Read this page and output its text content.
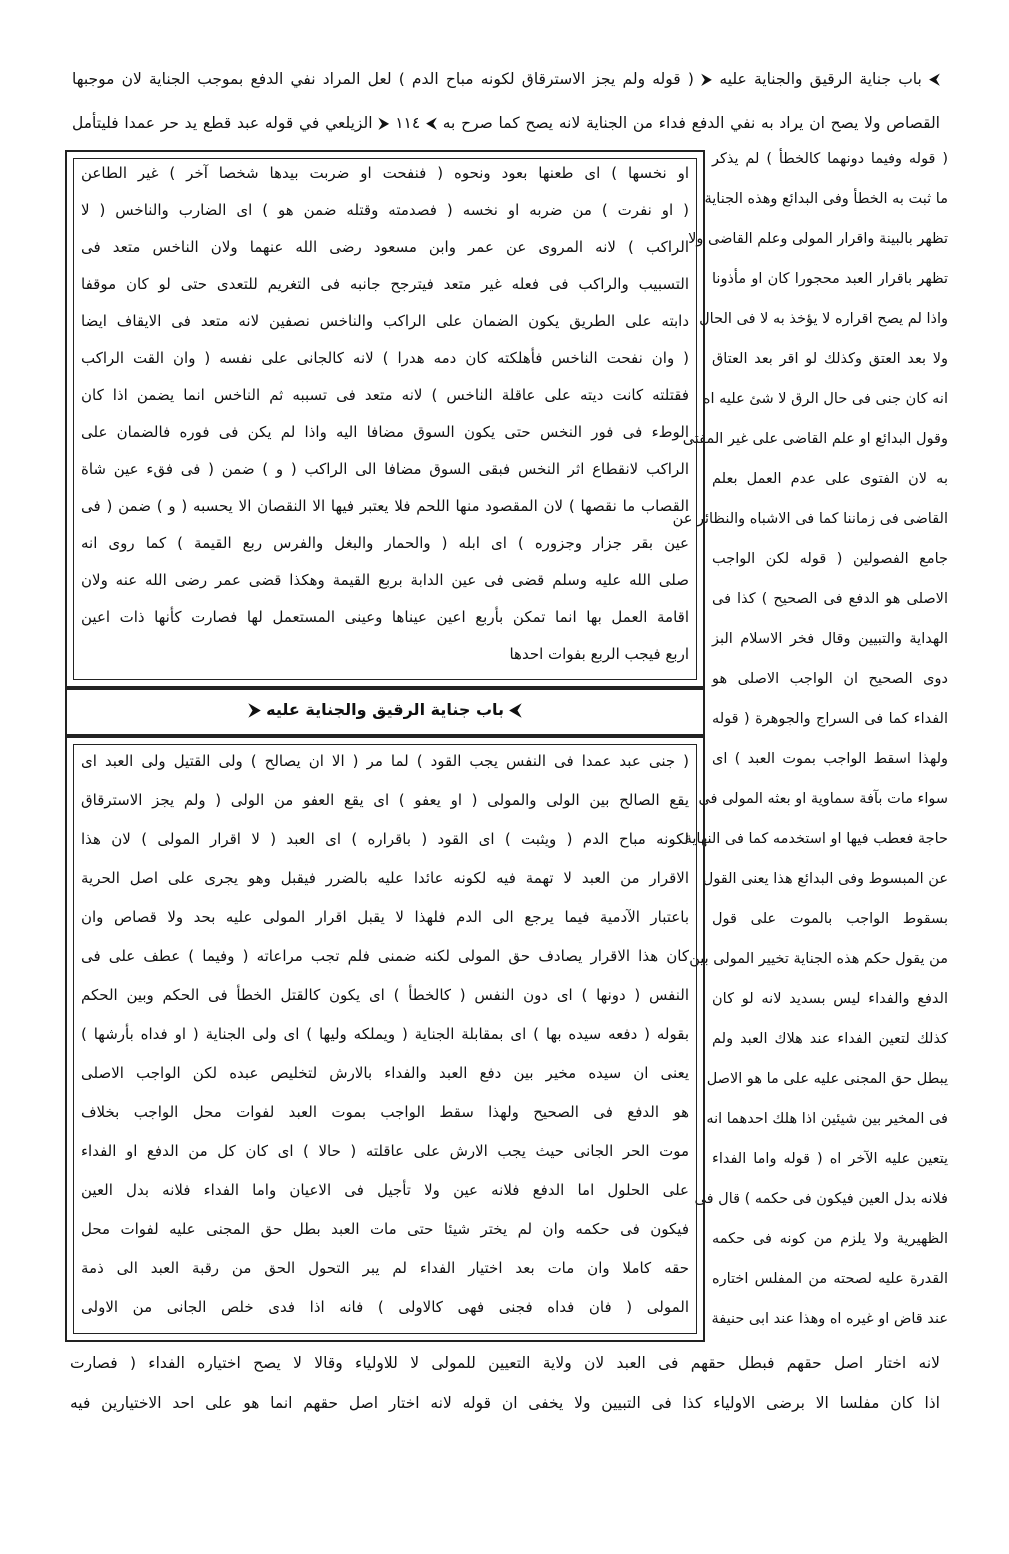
⮜ باب جناية الرقيق والجناية عليه ⮞ ( قوله ولم يجز الاسترقاق لكونه مباح الدم ) لعل المراد نفي الدفع بموجب الجناية لان موجبها
القصاص ولا يصح ان يراد به نفي الدفع فداء من الجناية لانه يصح كما صرح به ⮜ ١١٤ ⮞ الزيلعي في قوله عبد قطع يد حر عمدا فليتأمل
( قوله وفيما دونهما كالخطأ ) لم يذكر
ما ثبت به الخطأ وفى البدائع وهذه الجناية
تظهر بالبينة واقرار المولى وعلم القاضى ولا
تظهر باقرار العبد محجورا كان او مأذونا
واذا لم يصح اقراره لا يؤخذ به لا فى الحال
ولا بعد العتق وكذلك لو اقر بعد العتاق
انه كان جنى فى حال الرق لا شئ عليه اه
وقول البدائع او علم القاضى على غير المفتى
به لان الفتوى على عدم العمل بعلم
القاضى فى زماننا كما فى الاشباه والنظائر عن
جامع الفصولين ( قوله لكن الواجب
الاصلى هو الدفع فى الصحيح ) كذا فى
الهداية والتبيين وقال فخر الاسلام البز
دوى الصحيح ان الواجب الاصلى هو
الفداء كما فى السراج والجوهرة ( قوله
ولهذا اسقط الواجب بموت العبد ) اى
سواء مات بآفة سماوية او بعثه المولى فى
حاجة فعطب فيها او استخدمه كما فى النهاية
عن المبسوط وفى البدائع هذا يعنى القول
بسقوط الواجب بالموت على قول
من يقول حكم هذه الجناية تخيير المولى بين
الدفع والفداء ليس بسديد لانه لو كان
كذلك لتعين الفداء عند هلاك العبد ولم
يبطل حق المجنى عليه على ما هو الاصل
فى المخير بين شيئين اذا هلك احدهما انه
يتعين عليه الآخر اه ( قوله واما الفداء
فلانه بدل العين فيكون فى حكمه ) قال فى
الظهيرية ولا يلزم من كونه فى حكمه
القدرة عليه لصحته من المفلس اختاره
عند قاض او غيره اه وهذا عند ابى حنيفة
او نخسها ) اى طعنها بعود ونحوه ( فنفحت او ضربت بيدها شخصا آخر ) غير الطاعن
( او نفرت ) من ضربه او نخسه ( فصدمته وقتله ضمن هو ) اى الضارب والناخس ( لا
الراكب ) لانه المروى عن عمر وابن مسعود رضى الله عنهما ولان الناخس متعد فى
التسبيب والراكب فى فعله غير متعد فيترجح جانبه فى التغريم للتعدى حتى لو كان موقفا
دابته على الطريق يكون الضمان على الراكب والناخس نصفين لانه متعد فى الايقاف ايضا
( وان نفحت الناخس فأهلكته كان دمه هدرا ) لانه كالجانى على نفسه ( وان القت الراكب
فقتلته كانت ديته على عاقلة الناخس ) لانه متعد فى تسببه ثم الناخس انما يضمن اذا كان
الوطء فى فور النخس حتى يكون السوق مضافا اليه واذا لم يكن فى فوره فالضمان على
الراكب لانقطاع اثر النخس فبقى السوق مضافا الى الراكب ( و ) ضمن ( فى فقء عين شاة
القصاب ما نقصها ) لان المقصود منها اللحم فلا يعتبر فيها الا النقصان الا يحسبه ( و ) ضمن ( فى
عين بقر جزار وجزوره ) اى ابله ( والحمار والبغل والفرس ربع القيمة ) كما روى انه
صلى الله عليه وسلم قضى فى عين الدابة بربع القيمة وهكذا قضى عمر رضى الله عنه ولان
اقامة العمل بها انما تمكن بأربع اعين عيناها وعينى المستعمل لها فصارت كأنها ذات اعين
اربع فيجب الربع بفوات احدها
⮜ باب جناية الرقيق والجناية عليه ⮞
( جنى عبد عمدا فى النفس يجب القود ) لما مر ( الا ان يصالح ) ولى القتيل ولى العبد اى
يقع الصالح بين الولى والمولى ( او يعفو ) اى يقع العفو من الولى ( ولم يجز الاسترقاق
لكونه مباح الدم ( ويثبت ) اى القود ( باقراره ) اى العبد ( لا اقرار المولى ) لان هذا
الاقرار من العبد لا تهمة فيه لكونه عائدا عليه بالضرر فيقبل وهو يجرى على اصل الحرية
باعتبار الآدمية فيما يرجع الى الدم فلهذا لا يقبل اقرار المولى عليه بحد ولا قصاص وان
كان هذا الاقرار يصادف حق المولى لكنه ضمنى فلم تجب مراعاته ( وفيما ) عطف على فى
النفس ( دونها ) اى دون النفس ( كالخطأ ) اى يكون كالقتل الخطأ فى الحكم وبين الحكم
بقوله ( دفعه سيده بها ) اى بمقابلة الجناية ( ويملكه وليها ) اى ولى الجناية ( او فداه بأرشها )
يعنى ان سيده مخير بين دفع العبد والفداء بالارش لتخليص عبده لكن الواجب الاصلى
هو الدفع فى الصحيح ولهذا سقط الواجب بموت العبد لفوات محل الواجب بخلاف
موت الحر الجانى حيث يجب الارش على عاقلته ( حالا ) اى كان كل من الدفع او الفداء
على الحلول اما الدفع فلانه عين ولا تأجيل فى الاعيان واما الفداء فلانه بدل العين
فيكون فى حكمه وان لم يختر شيئا حتى مات العبد بطل حق المجنى عليه لفوات محل
حقه كاملا وان مات بعد اختيار الفداء لم يبر التحول الحق من رقبة العبد الى ذمة
المولى ( فان فداه فجنى فهى كالاولى ) فانه اذا فدى خلص الجانى من الاولى
لانه اختار اصل حقهم فبطل حقهم فى العبد لان ولاية التعيين للمولى لا للاولياء وقالا لا يصح اختياره الفداء ( فصارت
اذا كان مفلسا الا برضى الاولياء كذا فى التبيين ولا يخفى ان قوله لانه اختار اصل حقهم انما هو على احد الاختيارين فيه
